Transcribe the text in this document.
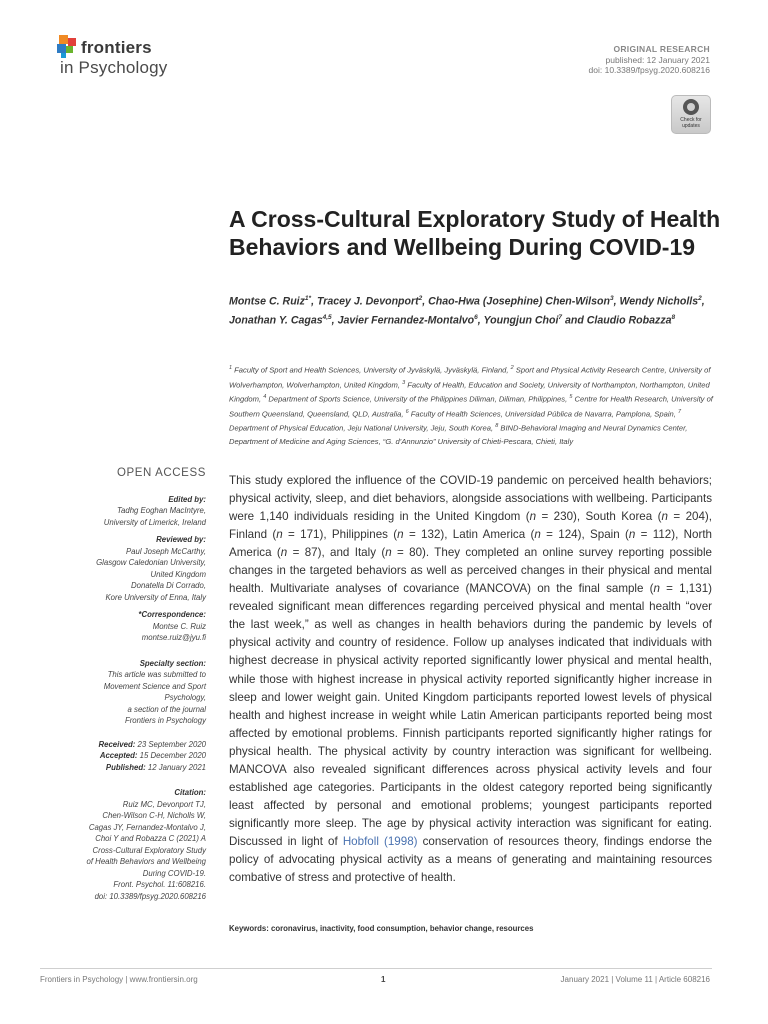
frontiers
in Psychology
ORIGINAL RESEARCH
published: 12 January 2021
doi: 10.3389/fpsyg.2020.608216
Check for
updates
A Cross-Cultural Exploratory Study of Health Behaviors and Wellbeing During COVID-19
Montse C. Ruiz$^{1*}$, Tracey J. Devonport$^2$, Chao-Hwa (Josephine) Chen-Wilson$^3$, Wendy Nicholls$^2$, Jonathan Y. Cagas$^{4,5}$, Javier Fernandez-Montalvo$^6$, Youngjun Choi$^7$ and Claudio Robazza$^8$
$^1$ Faculty of Sport and Health Sciences, University of Jyväskylä, Jyväskylä, Finland, $^2$ Sport and Physical Activity Research Centre, University of Wolverhampton, Wolverhampton, United Kingdom, $^3$ Faculty of Health, Education and Society, University of Northampton, Northampton, United Kingdom, $^4$ Department of Sports Science, University of the Philippines Diliman, Diliman, Philippines, $^5$ Centre for Health Research, University of Southern Queensland, Queensland, QLD, Australia, $^6$ Faculty of Health Sciences, Universidad Pública de Navarra, Pamplona, Spain, $^7$ Department of Physical Education, Jeju National University, Jeju, South Korea, $^8$ BIND-Behavioral Imaging and Neural Dynamics Center, Department of Medicine and Aging Sciences, “G. d’Annunzio” University of Chieti-Pescara, Chieti, Italy
OPEN ACCESS
Edited by:
Tadhg Eoghan MacIntyre,
University of Limerick, Ireland
Reviewed by:
Paul Joseph McCarthy,
Glasgow Caledonian University,
United Kingdom
Donatella Di Corrado,
Kore University of Enna, Italy
*Correspondence:
Montse C. Ruiz
montse.ruiz@jyu.fi
Specialty section:
This article was submitted to
Movement Science and Sport
Psychology,
a section of the journal
Frontiers in Psychology
Received: 23 September 2020
Accepted: 15 December 2020
Published: 12 January 2021
Citation:
Ruiz MC, Devonport TJ,
Chen-Wilson C-H, Nicholls W,
Cagas JY, Fernandez-Montalvo J,
Choi Y and Robazza C (2021) A
Cross-Cultural Exploratory Study
of Health Behaviors and Wellbeing
During COVID-19.
Front. Psychol. 11:608216.
doi: 10.3389/fpsyg.2020.608216

This study explored the influence of the COVID-19 pandemic on perceived health behaviors; physical activity, sleep, and diet behaviors, alongside associations with wellbeing. Participants were 1,140 individuals residing in the United Kingdom (n = 230), South Korea (n = 204), Finland (n = 171), Philippines (n = 132), Latin America (n = 124), Spain (n = 112), North America (n = 87), and Italy (n = 80). They completed an online survey reporting possible changes in the targeted behaviors as well as perceived changes in their physical and mental health. Multivariate analyses of covariance (MANCOVA) on the final sample (n = 1,131) revealed significant mean differences regarding perceived physical and mental health “over the last week,” as well as changes in health behaviors during the pandemic by levels of physical activity and country of residence. Follow up analyses indicated that individuals with highest decrease in physical activity reported significantly lower physical and mental health, while those with highest increase in physical activity reported significantly higher increase in sleep and lower weight gain. United Kingdom participants reported lowest levels of physical health and highest increase in weight while Latin American participants reported being most affected by emotional problems. Finnish participants reported significantly higher ratings for physical health. The physical activity by country interaction was significant for wellbeing. MANCOVA also revealed significant differences across physical activity levels and four established age categories. Participants in the oldest category reported being significantly least affected by personal and emotional problems; youngest participants reported significantly more sleep. The age by physical activity interaction was significant for eating. Discussed in light of Hobfoll (1998) conservation of resources theory, findings endorse the policy of advocating physical activity as a means of generating and maintaining resources combative of stress and protective of health.

Keywords: coronavirus, inactivity, food consumption, behavior change, resources
Frontiers in Psychology | www.frontiersin.org	1	January 2021 | Volume 11 | Article 608216
